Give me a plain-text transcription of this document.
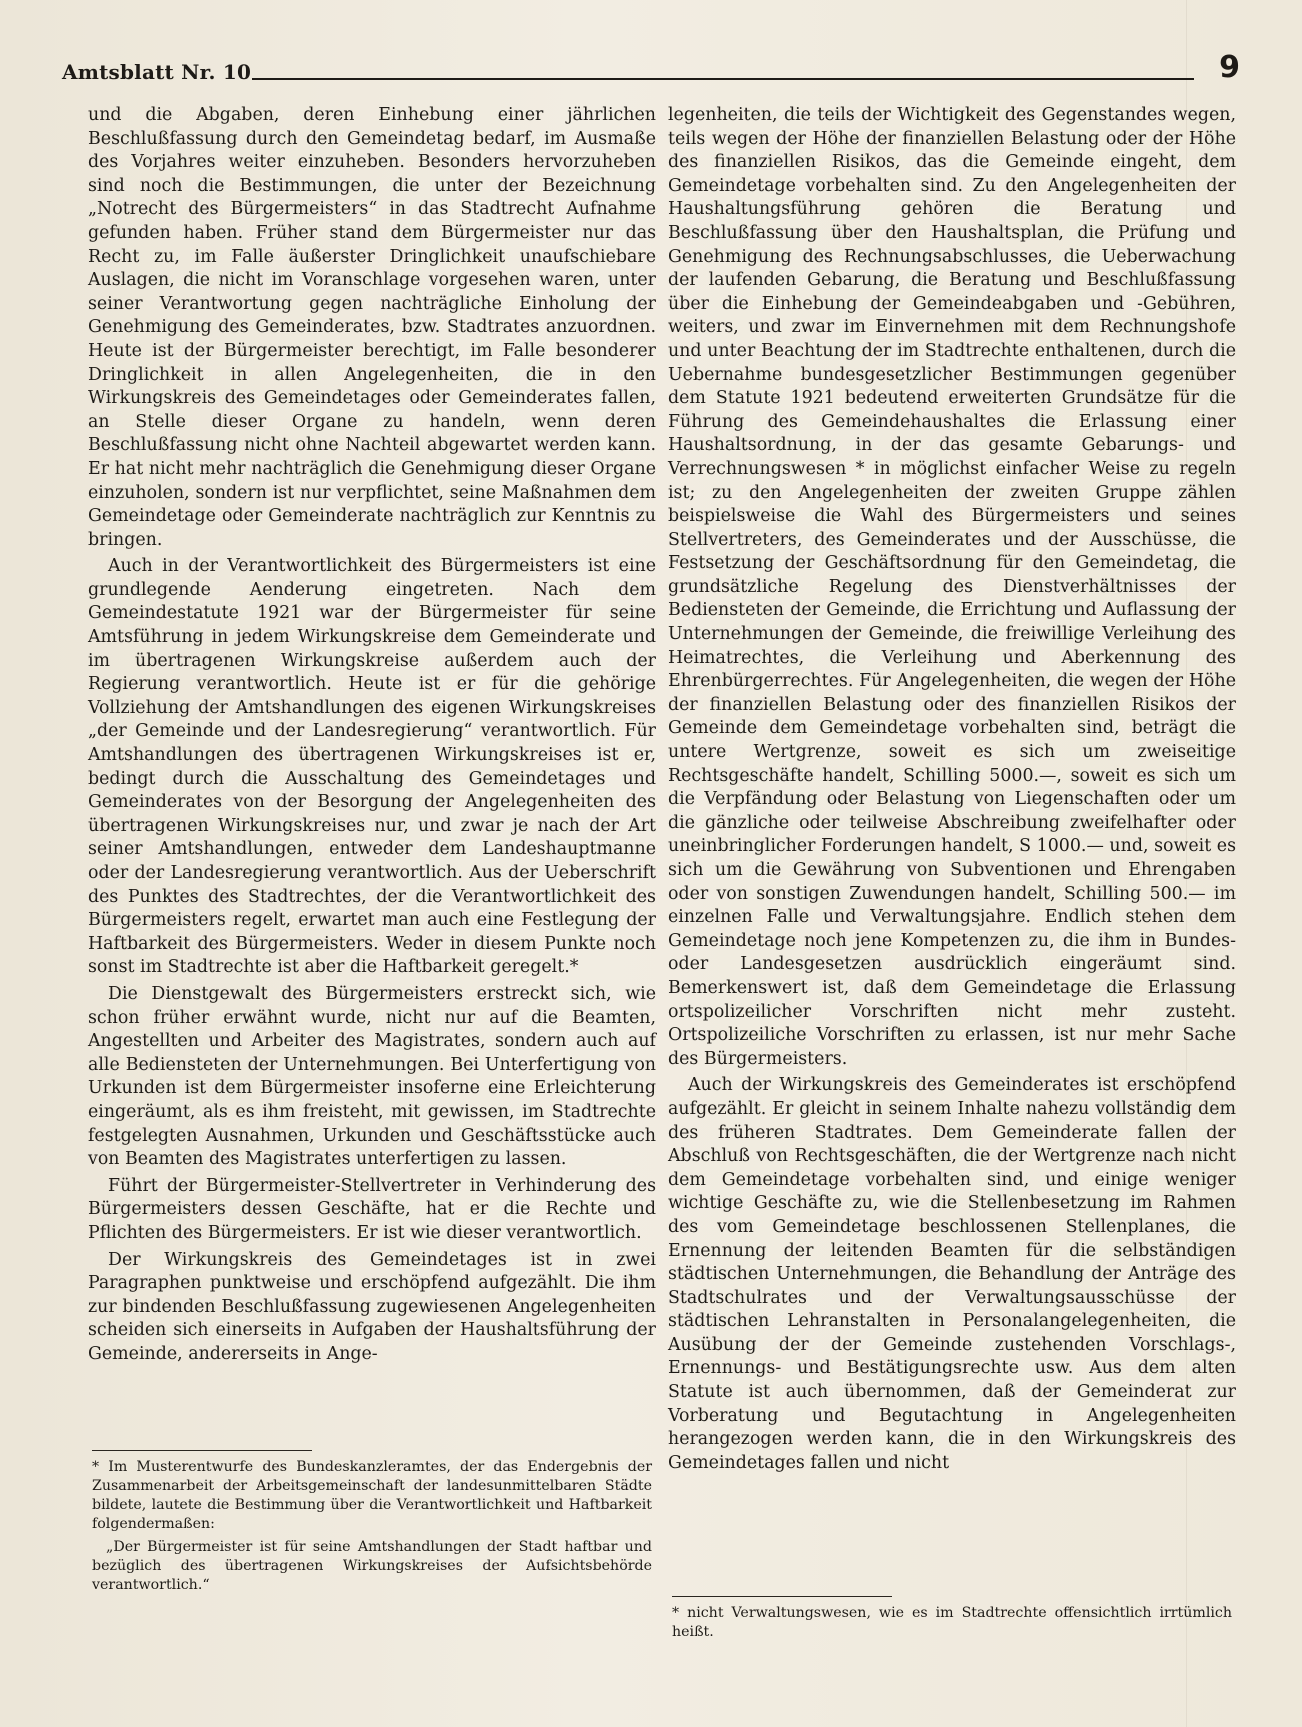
Amtsblatt Nr. 10	9

und die Abgaben, deren Einhebung einer jährlichen Beschlußfassung durch den Gemeindetag bedarf, im Ausmaße des Vorjahres weiter einzuheben. Besonders hervorzuheben sind noch die Bestimmungen, die unter der Bezeichnung „Notrecht des Bürgermeisters“ in das Stadtrecht Aufnahme gefunden haben. Früher stand dem Bürgermeister nur das Recht zu, im Falle äußerster Dringlichkeit unaufschiebare Auslagen, die nicht im Voranschlage vorgesehen waren, unter seiner Verantwortung gegen nachträgliche Einholung der Genehmigung des Gemeinderates, bzw. Stadtrates anzuordnen. Heute ist der Bürgermeister berechtigt, im Falle besonderer Dringlichkeit in allen Angelegenheiten, die in den Wirkungskreis des Gemeindetages oder Gemeinderates fallen, an Stelle dieser Organe zu handeln, wenn deren Beschlußfassung nicht ohne Nachteil abgewartet werden kann. Er hat nicht mehr nachträglich die Genehmigung dieser Organe einzuholen, sondern ist nur verpflichtet, seine Maßnahmen dem Gemeindetage oder Gemeinderate nachträglich zur Kenntnis zu bringen.

Auch in der Verantwortlichkeit des Bürgermeisters ist eine grundlegende Aenderung eingetreten. Nach dem Gemeindestatute 1921 war der Bürgermeister für seine Amtsführung in jedem Wirkungskreise dem Gemeinderate und im übertragenen Wirkungskreise außerdem auch der Regierung verantwortlich. Heute ist er für die gehörige Vollziehung der Amtshandlungen des eigenen Wirkungskreises „der Gemeinde und der Landesregierung“ verantwortlich. Für Amtshandlungen des übertragenen Wirkungskreises ist er, bedingt durch die Ausschaltung des Gemeindetages und Gemeinderates von der Besorgung der Angelegenheiten des übertragenen Wirkungskreises nur, und zwar je nach der Art seiner Amtshandlungen, entweder dem Landeshauptmanne oder der Landesregierung verantwortlich. Aus der Ueberschrift des Punktes des Stadtrechtes, der die Verantwortlichkeit des Bürgermeisters regelt, erwartet man auch eine Festlegung der Haftbarkeit des Bürgermeisters. Weder in diesem Punkte noch sonst im Stadtrechte ist aber die Haftbarkeit geregelt.*

Die Dienstgewalt des Bürgermeisters erstreckt sich, wie schon früher erwähnt wurde, nicht nur auf die Beamten, Angestellten und Arbeiter des Magistrates, sondern auch auf alle Bediensteten der Unternehmungen. Bei Unterfertigung von Urkunden ist dem Bürgermeister insoferne eine Erleichterung eingeräumt, als es ihm freisteht, mit gewissen, im Stadtrechte festgelegten Ausnahmen, Urkunden und Geschäftsstücke auch von Beamten des Magistrates unterfertigen zu lassen.

Führt der Bürgermeister-Stellvertreter in Verhinderung des Bürgermeisters dessen Geschäfte, hat er die Rechte und Pflichten des Bürgermeisters. Er ist wie dieser verantwortlich.

Der Wirkungskreis des Gemeindetages ist in zwei Paragraphen punktweise und erschöpfend aufgezählt. Die ihm zur bindenden Beschlußfassung zugewiesenen Angelegenheiten scheiden sich einerseits in Aufgaben der Haushaltsführung der Gemeinde, andererseits in Ange-

* Im Musterentwurfe des Bundeskanzleramtes, der das Endergebnis der Zusammenarbeit der Arbeitsgemeinschaft der landesunmittelbaren Städte bildete, lautete die Bestimmung über die Verantwortlichkeit und Haftbarkeit folgendermaßen:

„Der Bürgermeister ist für seine Amtshandlungen der Stadt haftbar und bezüglich des übertragenen Wirkungskreises der Aufsichtsbehörde verantwortlich.“

legenheiten, die teils der Wichtigkeit des Gegenstandes wegen, teils wegen der Höhe der finanziellen Belastung oder der Höhe des finanziellen Risikos, das die Gemeinde eingeht, dem Gemeindetage vorbehalten sind. Zu den Angelegenheiten der Haushaltungsführung gehören die Beratung und Beschlußfassung über den Haushaltsplan, die Prüfung und Genehmigung des Rechnungsabschlusses, die Ueberwachung der laufenden Gebarung, die Beratung und Beschlußfassung über die Einhebung der Gemeindeabgaben und -Gebühren, weiters, und zwar im Einvernehmen mit dem Rechnungshofe und unter Beachtung der im Stadtrechte enthaltenen, durch die Uebernahme bundesgesetzlicher Bestimmungen gegenüber dem Statute 1921 bedeutend erweiterten Grundsätze für die Führung des Gemeindehaushaltes die Erlassung einer Haushaltsordnung, in der das gesamte Gebarungs- und Verrechnungswesen * in möglichst einfacher Weise zu regeln ist; zu den Angelegenheiten der zweiten Gruppe zählen beispielsweise die Wahl des Bürgermeisters und seines Stellvertreters, des Gemeinderates und der Ausschüsse, die Festsetzung der Geschäftsordnung für den Gemeindetag, die grundsätzliche Regelung des Dienstverhältnisses der Bediensteten der Gemeinde, die Errichtung und Auflassung der Unternehmungen der Gemeinde, die freiwillige Verleihung des Heimatrechtes, die Verleihung und Aberkennung des Ehrenbürgerrechtes. Für Angelegenheiten, die wegen der Höhe der finanziellen Belastung oder des finanziellen Risikos der Gemeinde dem Gemeindetage vorbehalten sind, beträgt die untere Wertgrenze, soweit es sich um zweiseitige Rechtsgeschäfte handelt, Schilling 5000.—, soweit es sich um die Verpfändung oder Belastung von Liegenschaften oder um die gänzliche oder teilweise Abschreibung zweifelhafter oder uneinbringlicher Forderungen handelt, S 1000.— und, soweit es sich um die Gewährung von Subventionen und Ehrengaben oder von sonstigen Zuwendungen handelt, Schilling 500.— im einzelnen Falle und Verwaltungsjahre. Endlich stehen dem Gemeindetage noch jene Kompetenzen zu, die ihm in Bundes- oder Landesgesetzen ausdrücklich eingeräumt sind. Bemerkenswert ist, daß dem Gemeindetage die Erlassung ortspolizeilicher Vorschriften nicht mehr zusteht. Ortspolizeiliche Vorschriften zu erlassen, ist nur mehr Sache des Bürgermeisters.

Auch der Wirkungskreis des Gemeinderates ist erschöpfend aufgezählt. Er gleicht in seinem Inhalte nahezu vollständig dem des früheren Stadtrates. Dem Gemeinderate fallen der Abschluß von Rechtsgeschäften, die der Wertgrenze nach nicht dem Gemeindetage vorbehalten sind, und einige weniger wichtige Geschäfte zu, wie die Stellenbesetzung im Rahmen des vom Gemeindetage beschlossenen Stellenplanes, die Ernennung der leitenden Beamten für die selbständigen städtischen Unternehmungen, die Behandlung der Anträge des Stadtschulrates und der Verwaltungsausschüsse der städtischen Lehranstalten in Personalangelegenheiten, die Ausübung der der Gemeinde zustehenden Vorschlags-, Ernennungs- und Bestätigungsrechte usw. Aus dem alten Statute ist auch übernommen, daß der Gemeinderat zur Vorberatung und Begutachtung in Angelegenheiten herangezogen werden kann, die in den Wirkungskreis des Gemeindetages fallen und nicht

* nicht Verwaltungswesen, wie es im Stadtrechte offensichtlich irrtümlich heißt.
